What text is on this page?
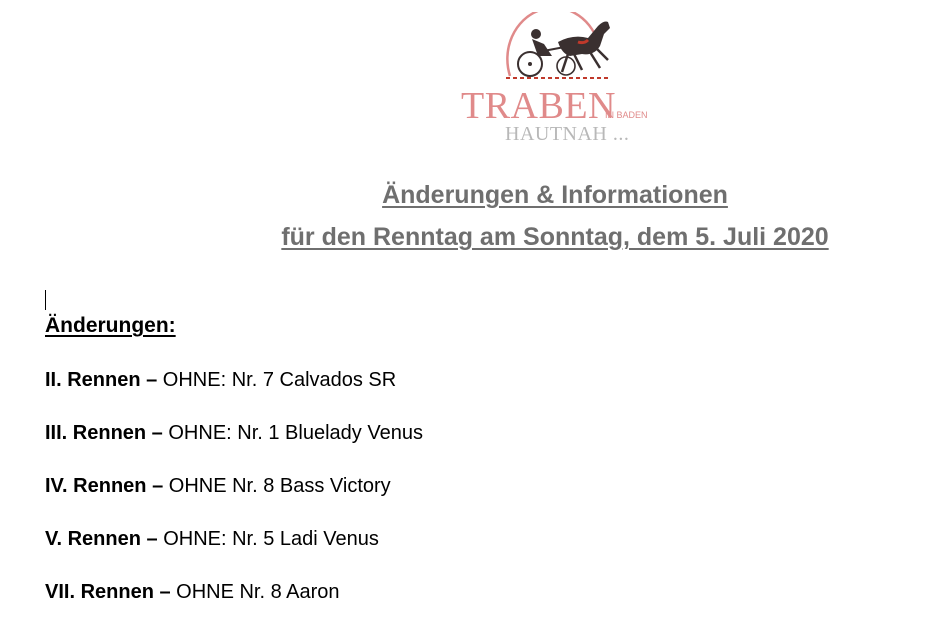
TRABEN
IN BADEN
HAUTNAH ...
Änderungen & Informationen
für den Renntag am Sonntag, dem 5. Juli 2020
Änderungen:
II. Rennen – OHNE: Nr. 7 Calvados SR
III. Rennen – OHNE: Nr. 1 Bluelady Venus
IV. Rennen – OHNE Nr. 8 Bass Victory
V. Rennen – OHNE: Nr. 5 Ladi Venus
VII. Rennen – OHNE Nr. 8 Aaron
